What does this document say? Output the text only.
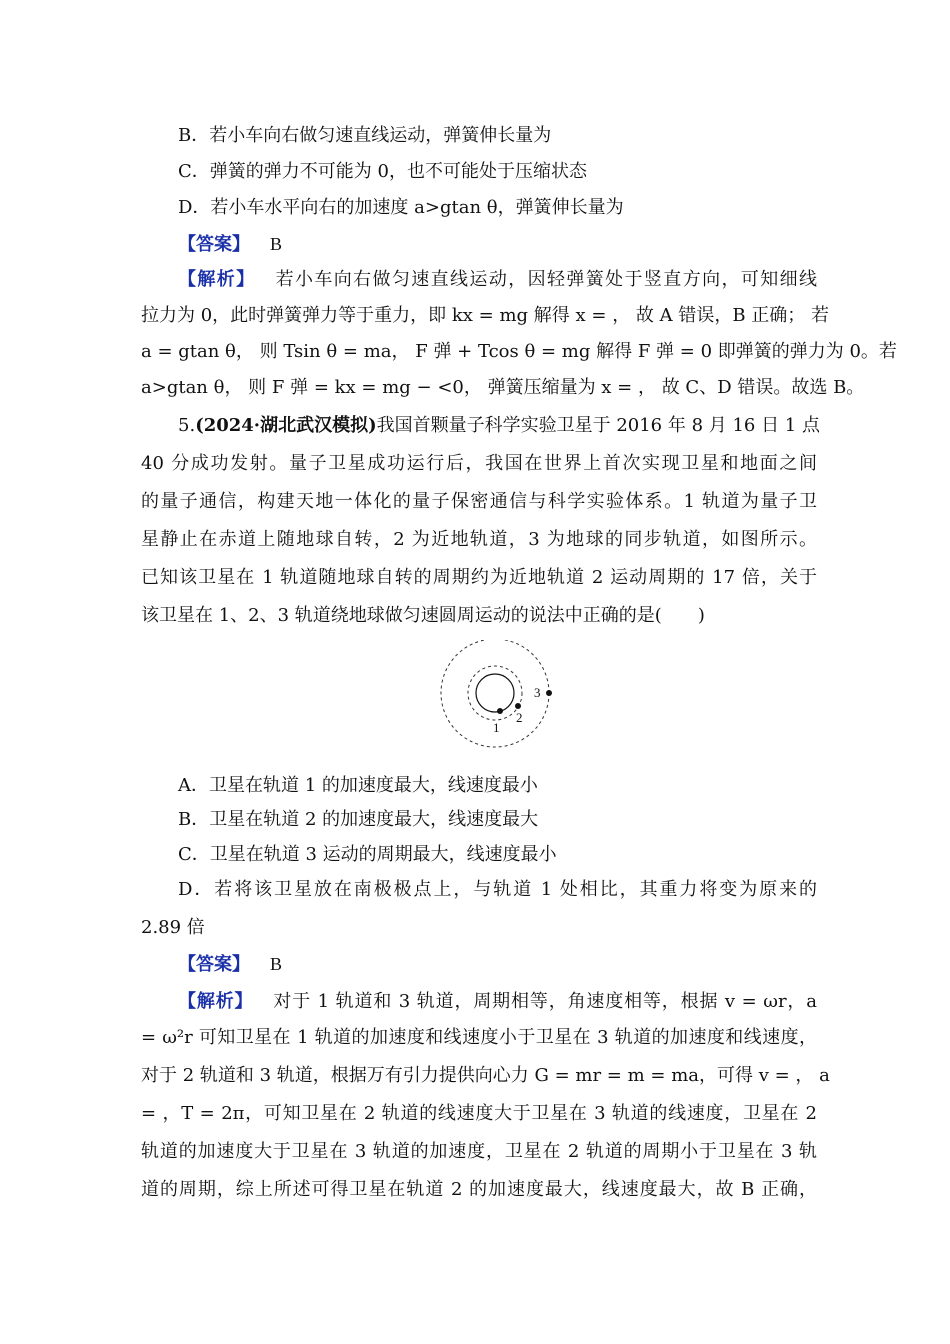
B．若小车向右做匀速直线运动，弹簧伸长量为
C．弹簧的弹力不可能为 0，也不可能处于压缩状态
D．若小车水平向右的加速度 a>gtan θ，弹簧伸长量为
【答案】 B
【解析】 若小车向右做匀速直线运动，因轻弹簧处于竖直方向，可知细线
拉力为 0，此时弹簧弹力等于重力，即 kx = mg 解得 x = ， 故 A 错误，B 正确； 若
a = gtan θ， 则 Tsin θ = ma， F 弹 + Tcos θ = mg 解得 F 弹 = 0 即弹簧的弹力为 0。若
a>gtan θ， 则 F 弹 = kx = mg − <0， 弹簧压缩量为 x = ， 故 C、D 错误。故选 B。
5.(2024·湖北武汉模拟)我国首颗量子科学实验卫星于 2016 年 8 月 16 日 1 点
40 分成功发射。量子卫星成功运行后，我国在世界上首次实现卫星和地面之间
的量子通信，构建天地一体化的量子保密通信与科学实验体系。1 轨道为量子卫
星静止在赤道上随地球自转，2 为近地轨道，3 为地球的同步轨道，如图所示。
已知该卫星在 1 轨道随地球自转的周期约为近地轨道 2 运动周期的 17 倍，关于
该卫星在 1、2、3 轨道绕地球做匀速圆周运动的说法中正确的是(　　)
1
2
3
A．卫星在轨道 1 的加速度最大，线速度最小
B．卫星在轨道 2 的加速度最大，线速度最大
C．卫星在轨道 3 运动的周期最大，线速度最小
D．若将该卫星放在南极极点上，与轨道 1 处相比，其重力将变为原来的
2.89 倍
【答案】 B
【解析】 对于 1 轨道和 3 轨道，周期相等，角速度相等，根据 v = ωr，a
= ω²r 可知卫星在 1 轨道的加速度和线速度小于卫星在 3 轨道的加速度和线速度，
对于 2 轨道和 3 轨道，根据万有引力提供向心力 G = mr = m = ma，可得 v = ， a
= ，T = 2π，可知卫星在 2 轨道的线速度大于卫星在 3 轨道的线速度，卫星在 2
轨道的加速度大于卫星在 3 轨道的加速度，卫星在 2 轨道的周期小于卫星在 3 轨
道的周期，综上所述可得卫星在轨道 2 的加速度最大，线速度最大，故 B 正确，
